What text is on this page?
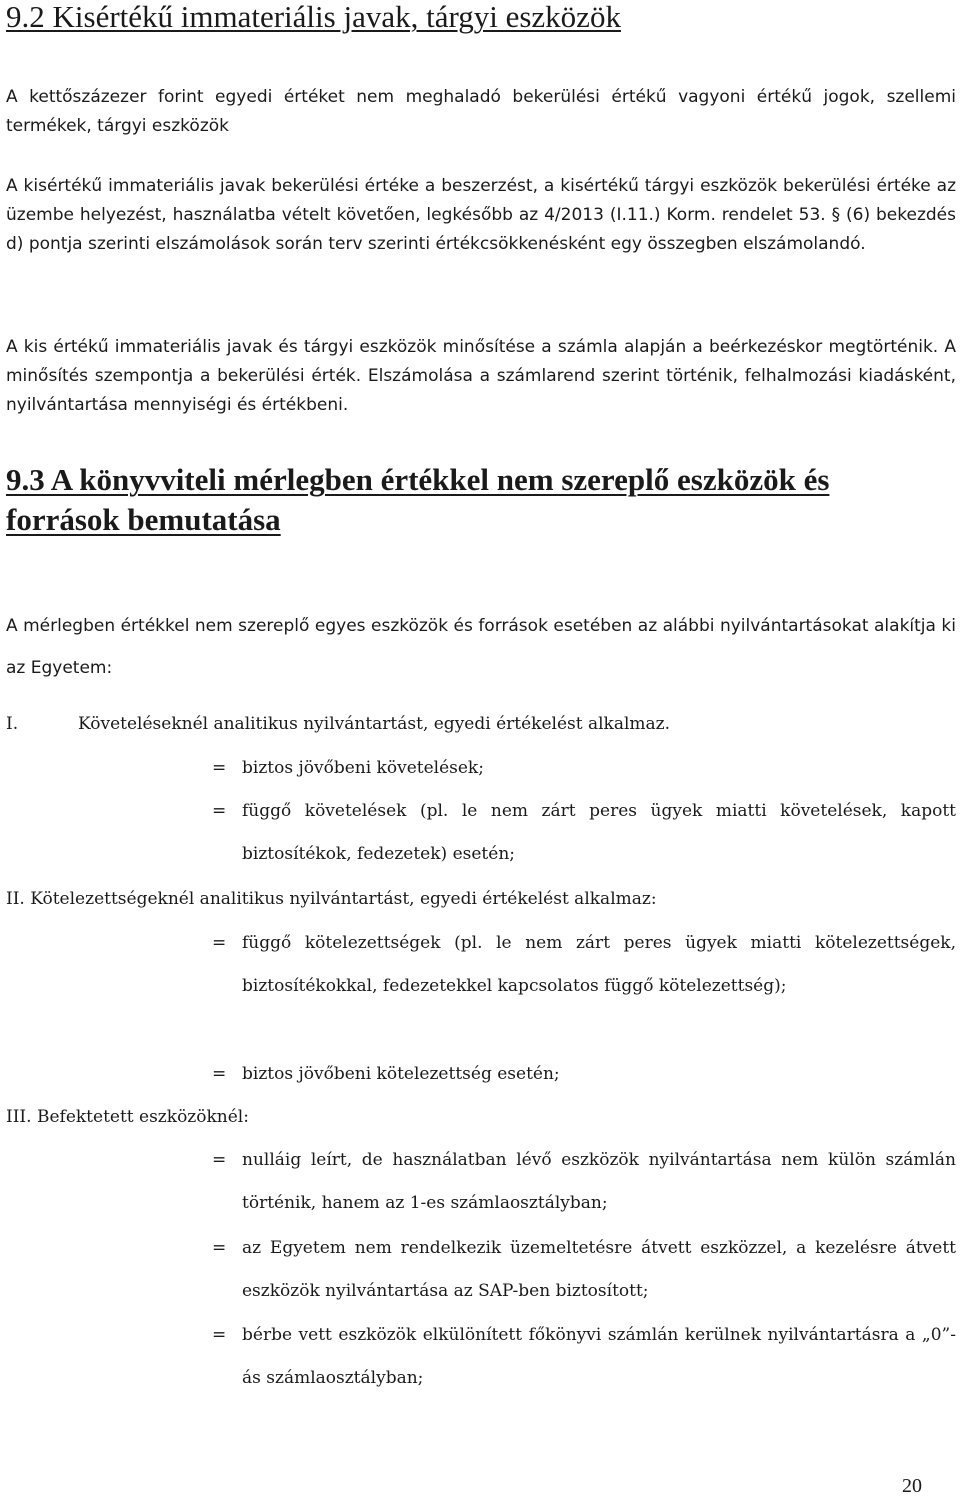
9.2 Kisértékű immateriális javak, tárgyi eszközök

A kettőszázezer forint egyedi értéket nem meghaladó bekerülési értékű vagyoni értékű jogok, szellemi termékek, tárgyi eszközök

A kisértékű immateriális javak bekerülési értéke a beszerzést, a kisértékű tárgyi eszközök bekerülési értéke az üzembe helyezést, használatba vételt követően, legkésőbb az 4/2013 (I.11.) Korm. rendelet 53. § (6) bekezdés d) pontja szerinti elszámolások során terv szerinti értékcsökkenésként egy összegben elszámolandó.

A kis értékű immateriális javak és tárgyi eszközök minősítése a számla alapján a beérkezéskor megtörténik. A minősítés szempontja a bekerülési érték. Elszámolása a számlarend szerint történik, felhalmozási kiadásként, nyilvántartása mennyiségi és értékbeni.

9.3 A könyvviteli mérlegben értékkel nem szereplő eszközök és források bemutatása

A mérlegben értékkel nem szereplő egyes eszközök és források esetében az alábbi nyilvántartásokat alakítja ki az Egyetem:

I.	Követeléseknél analitikus nyilvántartást, egyedi értékelést alkalmaz.

= biztos jövőbeni követelések;

= függő követelések (pl. le nem zárt peres ügyek miatti követelések, kapott biztosítékok, fedezetek) esetén;

II. Kötelezettségeknél analitikus nyilvántartást, egyedi értékelést alkalmaz:

= függő kötelezettségek (pl. le nem zárt peres ügyek miatti kötelezettségek, biztosítékokkal, fedezetekkel kapcsolatos függő kötelezettség);

= biztos jövőbeni kötelezettség esetén;

III. Befektetett eszközöknél:

= nulláig leírt, de használatban lévő eszközök nyilvántartása nem külön számlán történik, hanem az 1-es számlaosztályban;

= az Egyetem nem rendelkezik üzemeltetésre átvett eszközzel, a kezelésre átvett eszközök nyilvántartása az SAP-ben biztosított;

= bérbe vett eszközök elkülönített főkönyvi számlán kerülnek nyilvántartásra a „0”-ás számlaosztályban;

20
